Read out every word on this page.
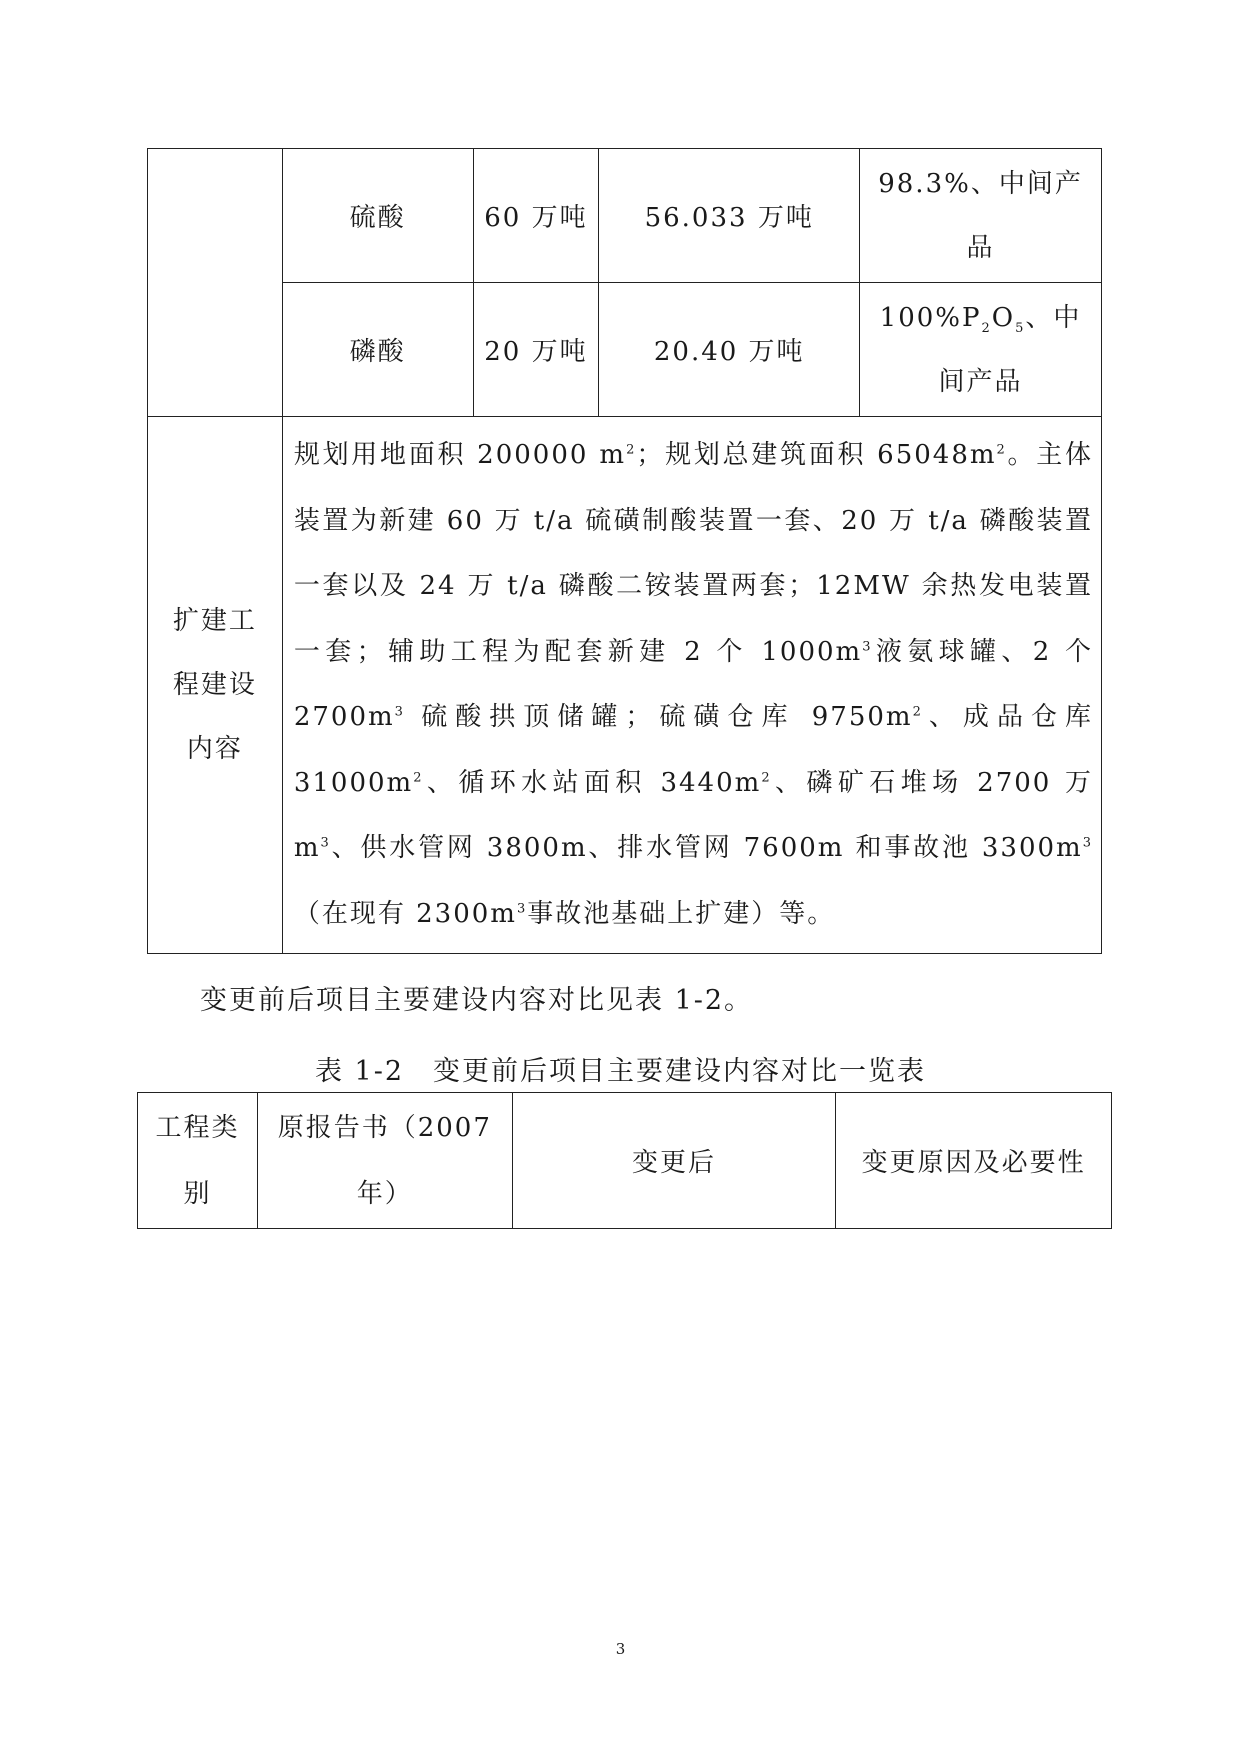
	硫酸	60 万吨	56.033 万吨	98.3%、中间产品
	磷酸	20 万吨	20.40 万吨	$100\%P_2O_5$、中间产品
扩建工程建设内容	规划用地面积 200000 $m^2$；规划总建筑面积 $65048m^2$。主体装置为新建 60 万 t/a 硫磺制酸装置一套、20 万 t/a 磷酸装置一套以及 24 万 t/a 磷酸二铵装置两套；12MW 余热发电装置一套；辅助工程为配套新建 2 个 $1000m^3$液氨球罐、2 个 $2700m^3$ 硫酸拱顶储罐；硫磺仓库 $9750m^2$、成品仓库 $31000m^2$、循环水站面积 $3440m^2$、磷矿石堆场 2700 万 $m^3$、供水管网 3800m、排水管网 7600m 和事故池 $3300m^3$（在现有 $2300m^3$事故池基础上扩建）等。			
变更前后项目主要建设内容对比见表 1-2。
表 1-2　变更前后项目主要建设内容对比一览表
工程类别	原报告书（2007年）	变更后	变更原因及必要性
3
